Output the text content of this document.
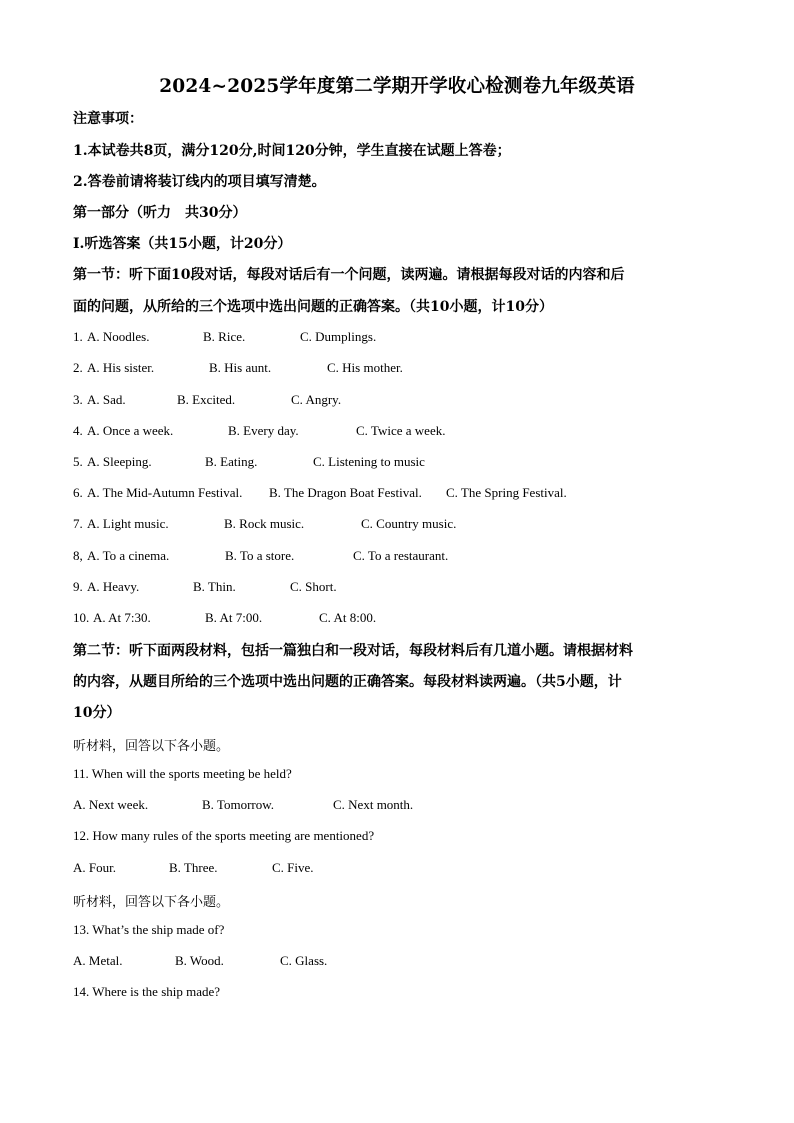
2024~2025学年度第二学期开学收心检测卷九年级英语
注意事项：
1.本试卷共8页，满分120分,时间120分钟，学生直接在试题上答卷；
2.答卷前请将装订线内的项目填写清楚。
第一部分（听力　共30分）
Ⅰ.听选答案（共15小题，计20分）
第一节：听下面10段对话，每段对话后有一个问题，读两遍。请根据每段对话的内容和后
面的问题，从所给的三个选项中选出问题的正确答案。（共10小题，计10分）
1. A. Noodles.	B. Rice.	C. Dumplings.
2. A. His sister.	B. His aunt.	C. His mother.
3. A. Sad.	B. Excited.	C. Angry.
4. A. Once a week.	B. Every day.	C. Twice a week.
5. A. Sleeping.	B. Eating.	C. Listening to music
6. A. The Mid-Autumn Festival. B. The Dragon Boat Festival. C. The Spring Festival.
7. A. Light music.	B. Rock music.	C. Country music.
8, A. To a cinema.	B. To a store.	C. To a restaurant.
9. A. Heavy.	B. Thin.	C. Short.
10. A. At 7:30.	B. At 7:00.	C. At 8:00.
第二节：听下面两段材料，包括一篇独白和一段对话，每段材料后有几道小题。请根据材料
的内容，从题目所给的三个选项中选出问题的正确答案。每段材料读两遍。（共5小题，计
10分）
听材料，回答以下各小题。
11. When will the sports meeting be held?
A. Next week.	B. Tomorrow.	C. Next month.
12. How many rules of the sports meeting are mentioned?
A. Four.	B. Three.	C. Five.
听材料，回答以下各小题。
13. What’s the ship made of?
A. Metal.	B. Wood.	C. Glass.
14. Where is the ship made?
